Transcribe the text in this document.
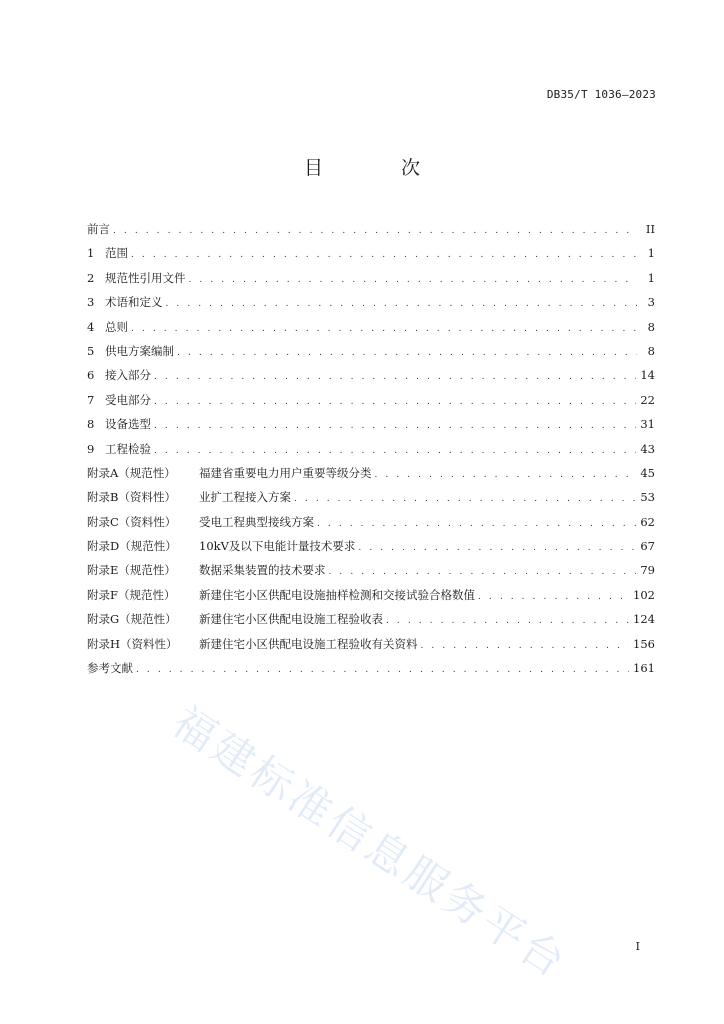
DB35/T 1036—2023
目 次
前言 . . .	II
1 范围 . . .	1
2 规范性引用文件 . . .	1
3 术语和定义 . . .	3
4 总则 . . .	8
5 供电方案编制 . . .	8
6 接入部分 . . .	14
7 受电部分 . . .	22
8 设备选型 . . .	31
9 工程检验 . . .	43
附录A（规范性） 福建省重要电力用户重要等级分类 . . .	45
附录B（资料性） 业扩工程接入方案 . . .	53
附录C（资料性） 受电工程典型接线方案 . . .	62
附录D（规范性） 10kV及以下电能计量技术要求 . . .	67
附录E（规范性） 数据采集装置的技术要求 . . .	79
附录F（规范性） 新建住宅小区供配电设施抽样检测和交接试验合格数值 . . .	102
附录G（规范性） 新建住宅小区供配电设施工程验收表 . . .	124
附录H（资料性） 新建住宅小区供配电设施工程验收有关资料 . . .	156
参考文献 . . .	161
福建标准信息服务平台	I
